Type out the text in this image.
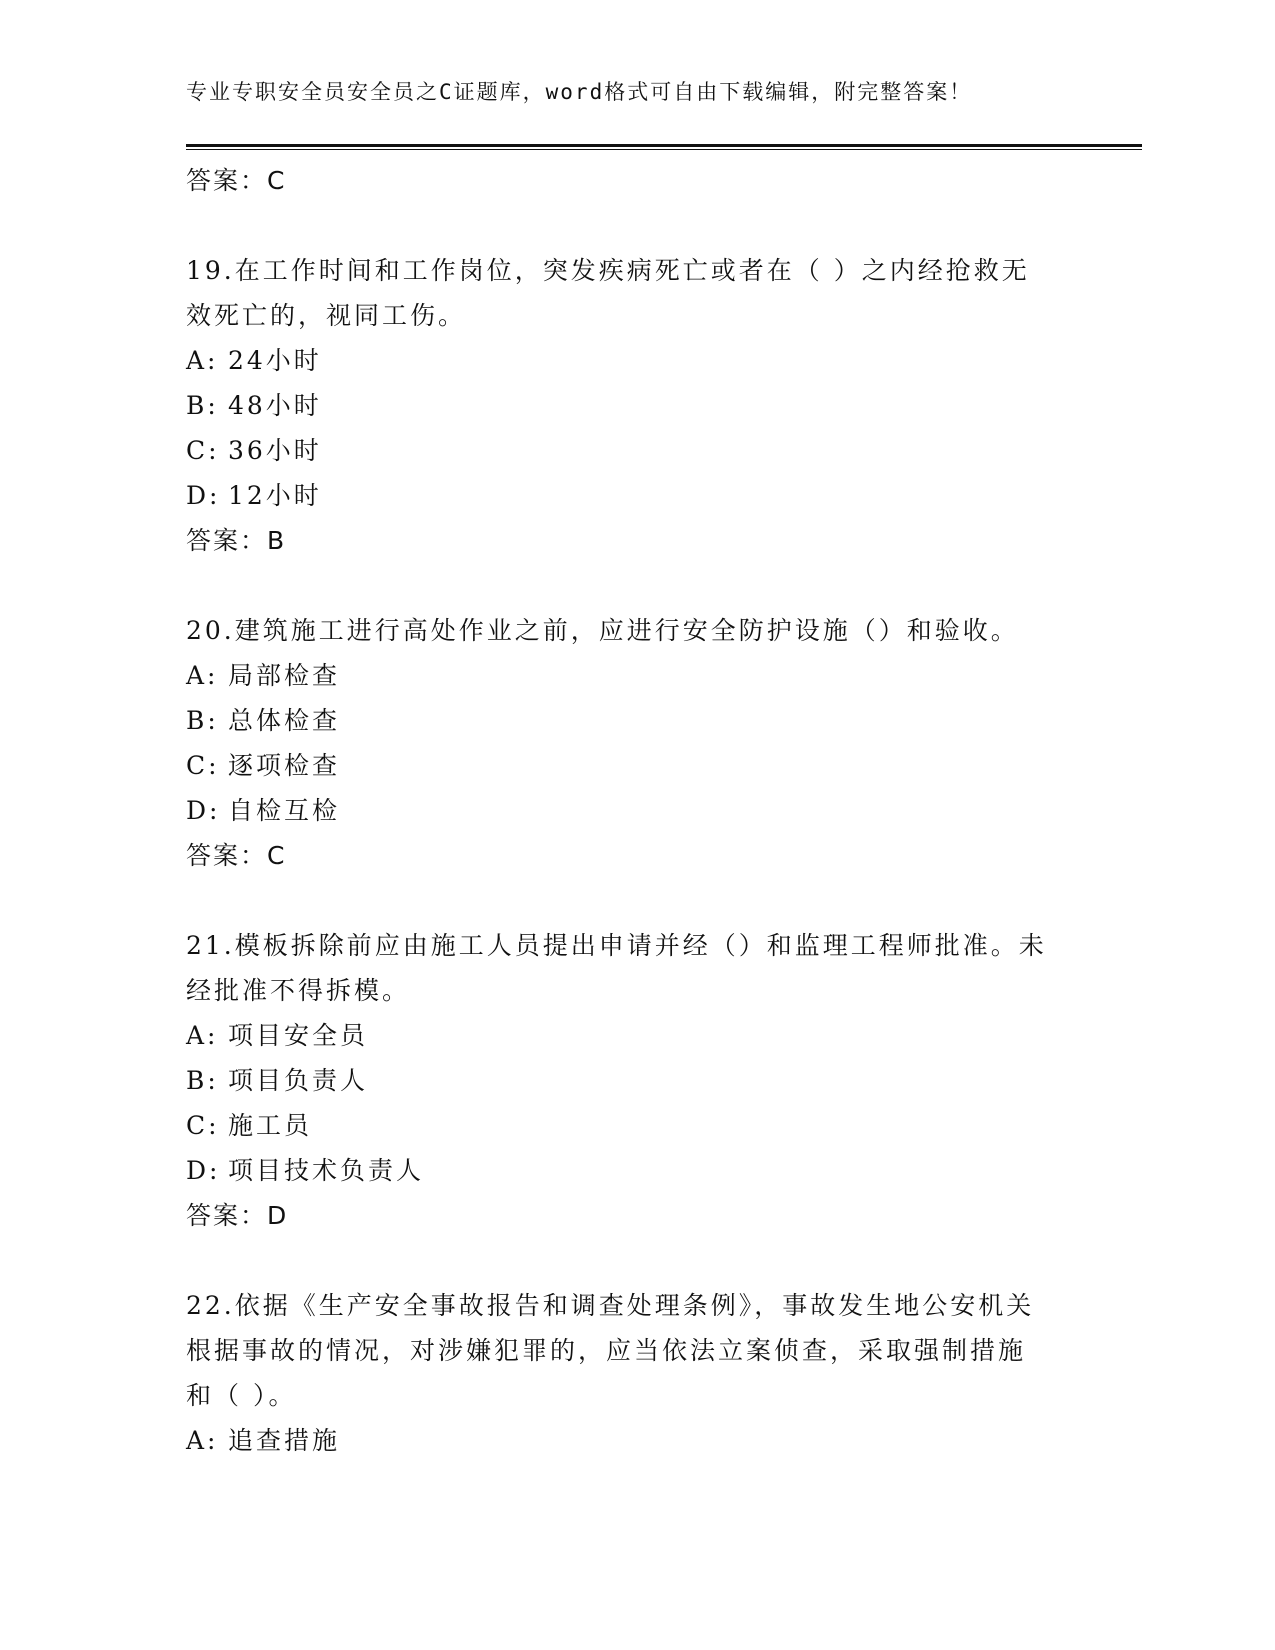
专业专职安全员安全员之C证题库，word格式可自由下载编辑，附完整答案！
答案：C
19.在工作时间和工作岗位，突发疾病死亡或者在（ ）之内经抢救无
效死亡的，视同工伤。
A: 24小时
B: 48小时
C: 36小时
D: 12小时
答案：B
20.建筑施工进行高处作业之前，应进行安全防护设施（）和验收。
A: 局部检查
B: 总体检查
C: 逐项检查
D: 自检互检
答案：C
21.模板拆除前应由施工人员提出申请并经（）和监理工程师批准。未
经批准不得拆模。
A: 项目安全员
B: 项目负责人
C: 施工员
D: 项目技术负责人
答案：D
22.依据《生产安全事故报告和调查处理条例》，事故发生地公安机关
根据事故的情况，对涉嫌犯罪的，应当依法立案侦查，采取强制措施
和（ ）。
A: 追查措施
